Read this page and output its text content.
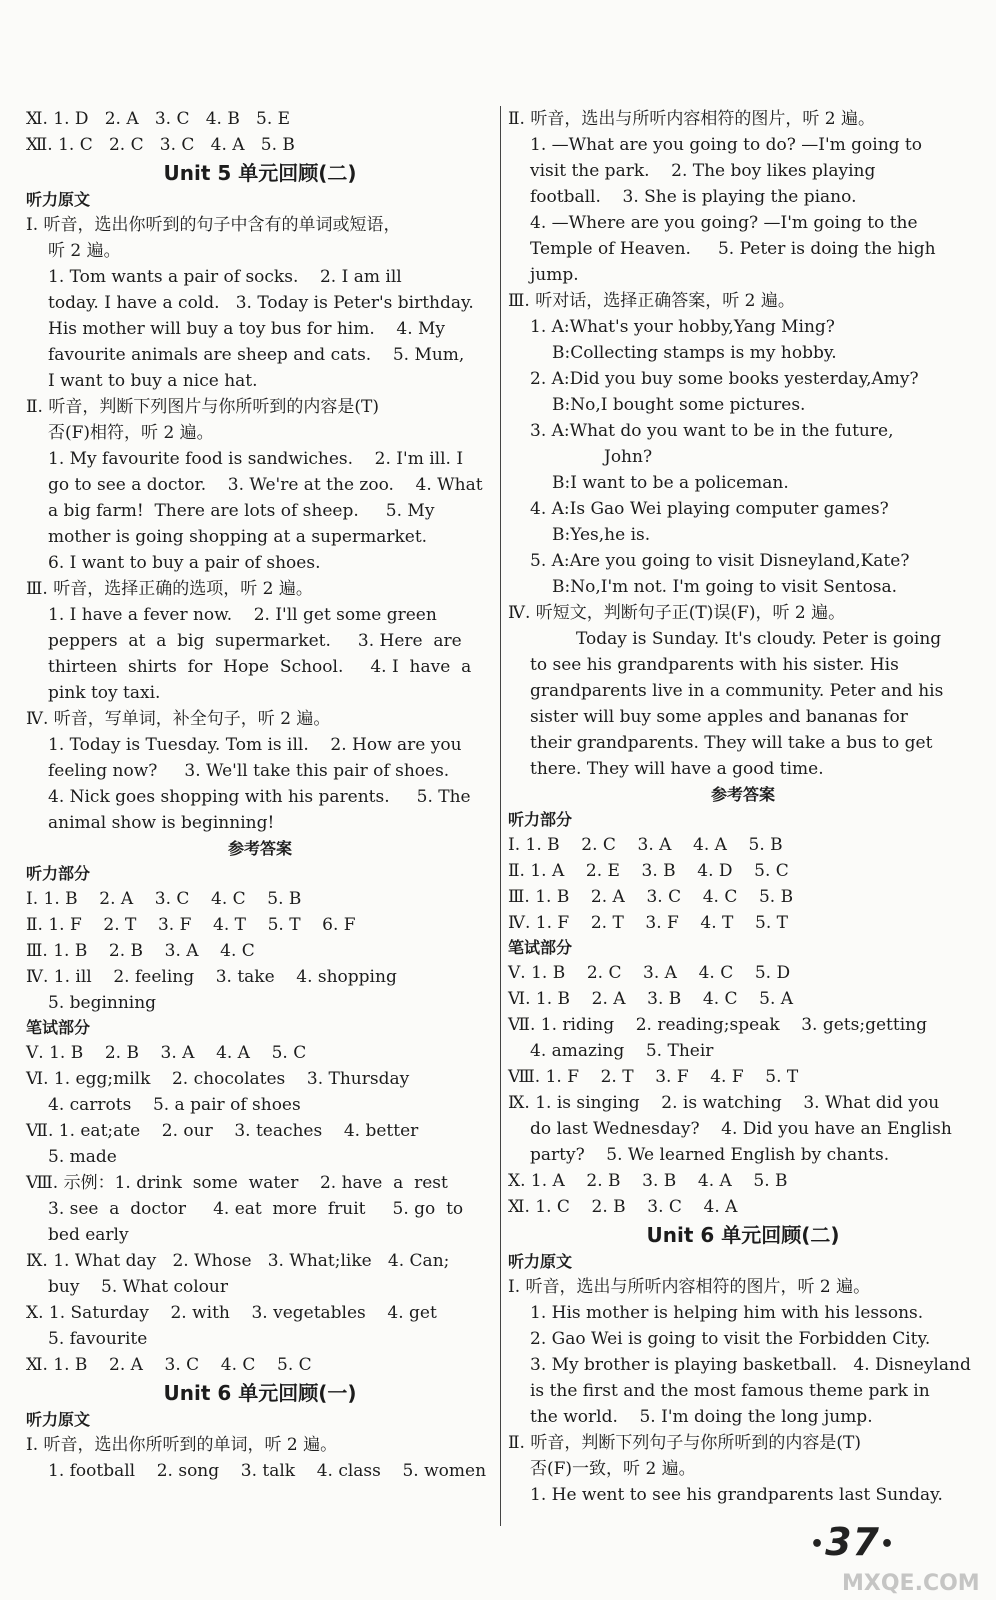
Ⅺ. 1. D   2. A   3. C   4. B   5. E
Ⅻ. 1. C   2. C   3. C   4. A   5. B
Unit 5 单元回顾(二)
听力原文
Ⅰ. 听音，选出你听到的句子中含有的单词或短语，
听 2 遍。
1. Tom wants a pair of socks.    2. I am ill
today. I have a cold.   3. Today is Peter's birthday.
His mother will buy a toy bus for him.    4. My
favourite animals are sheep and cats.    5. Mum,
I want to buy a nice hat.
Ⅱ. 听音，判断下列图片与你所听到的内容是(T)
否(F)相符，听 2 遍。
1. My favourite food is sandwiches.    2. I'm ill. I
go to see a doctor.    3. We're at the zoo.    4. What
a big farm!  There are lots of sheep.     5. My
mother is going shopping at a supermarket.
6. I want to buy a pair of shoes.
Ⅲ. 听音，选择正确的选项，听 2 遍。
1. I have a fever now.    2. I'll get some green
peppers  at  a  big  supermarket.     3. Here  are
thirteen  shirts  for  Hope  School.     4. I  have  a
pink toy taxi.
Ⅳ. 听音，写单词，补全句子，听 2 遍。
1. Today is Tuesday. Tom is ill.    2. How are you
feeling now?     3. We'll take this pair of shoes.
4. Nick goes shopping with his parents.     5. The
animal show is beginning!
参考答案
听力部分
Ⅰ. 1. B    2. A    3. C    4. C    5. B
Ⅱ. 1. F    2. T    3. F    4. T    5. T    6. F
Ⅲ. 1. B    2. B    3. A    4. C
Ⅳ. 1. ill    2. feeling    3. take    4. shopping
5. beginning
笔试部分
Ⅴ. 1. B    2. B    3. A    4. A    5. C
Ⅵ. 1. egg;milk    2. chocolates    3. Thursday
4. carrots    5. a pair of shoes
Ⅶ. 1. eat;ate    2. our    3. teaches    4. better
5. made
Ⅷ. 示例：1. drink  some  water    2. have  a  rest
3. see  a  doctor     4. eat  more  fruit     5. go  to
bed early
Ⅸ. 1. What day   2. Whose   3. What;like   4. Can;
buy    5. What colour
Ⅹ. 1. Saturday    2. with    3. vegetables    4. get
5. favourite
Ⅺ. 1. B    2. A    3. C    4. C    5. C
Unit 6 单元回顾(一)
听力原文
Ⅰ. 听音，选出你所听到的单词，听 2 遍。
1. football    2. song    3. talk    4. class    5. women
Ⅱ. 听音，选出与所听内容相符的图片，听 2 遍。
1. —What are you going to do? —I'm going to
visit the park.    2. The boy likes playing
football.    3. She is playing the piano.
4. —Where are you going? —I'm going to the
Temple of Heaven.     5. Peter is doing the high
jump.
Ⅲ. 听对话，选择正确答案，听 2 遍。
1. A:What's your hobby,Yang Ming?
B:Collecting stamps is my hobby.
2. A:Did you buy some books yesterday,Amy?
B:No,I bought some pictures.
3. A:What do you want to be in the future,
John?
B:I want to be a policeman.
4. A:Is Gao Wei playing computer games?
B:Yes,he is.
5. A:Are you going to visit Disneyland,Kate?
B:No,I'm not. I'm going to visit Sentosa.
Ⅳ. 听短文，判断句子正(T)误(F)，听 2 遍。
Today is Sunday. It's cloudy. Peter is going
to see his grandparents with his sister. His
grandparents live in a community. Peter and his
sister will buy some apples and bananas for
their grandparents. They will take a bus to get
there. They will have a good time.
参考答案
听力部分
Ⅰ. 1. B    2. C    3. A    4. A    5. B
Ⅱ. 1. A    2. E    3. B    4. D    5. C
Ⅲ. 1. B    2. A    3. C    4. C    5. B
Ⅳ. 1. F    2. T    3. F    4. T    5. T
笔试部分
Ⅴ. 1. B    2. C    3. A    4. C    5. D
Ⅵ. 1. B    2. A    3. B    4. C    5. A
Ⅶ. 1. riding    2. reading;speak    3. gets;getting
4. amazing    5. Their
Ⅷ. 1. F    2. T    3. F    4. F    5. T
Ⅸ. 1. is singing    2. is watching    3. What did you
do last Wednesday?    4. Did you have an English
party?    5. We learned English by chants.
Ⅹ. 1. A    2. B    3. B    4. A    5. B
Ⅺ. 1. C    2. B    3. C    4. A
Unit 6 单元回顾(二)
听力原文
Ⅰ. 听音，选出与所听内容相符的图片，听 2 遍。
1. His mother is helping him with his lessons.
2. Gao Wei is going to visit the Forbidden City.
3. My brother is playing basketball.   4. Disneyland
is the first and the most famous theme park in
the world.    5. I'm doing the long jump.
Ⅱ. 听音，判断下列句子与你所听到的内容是(T)
否(F)一致，听 2 遍。
1. He went to see his grandparents last Sunday.
•37•
MXQE.COM
